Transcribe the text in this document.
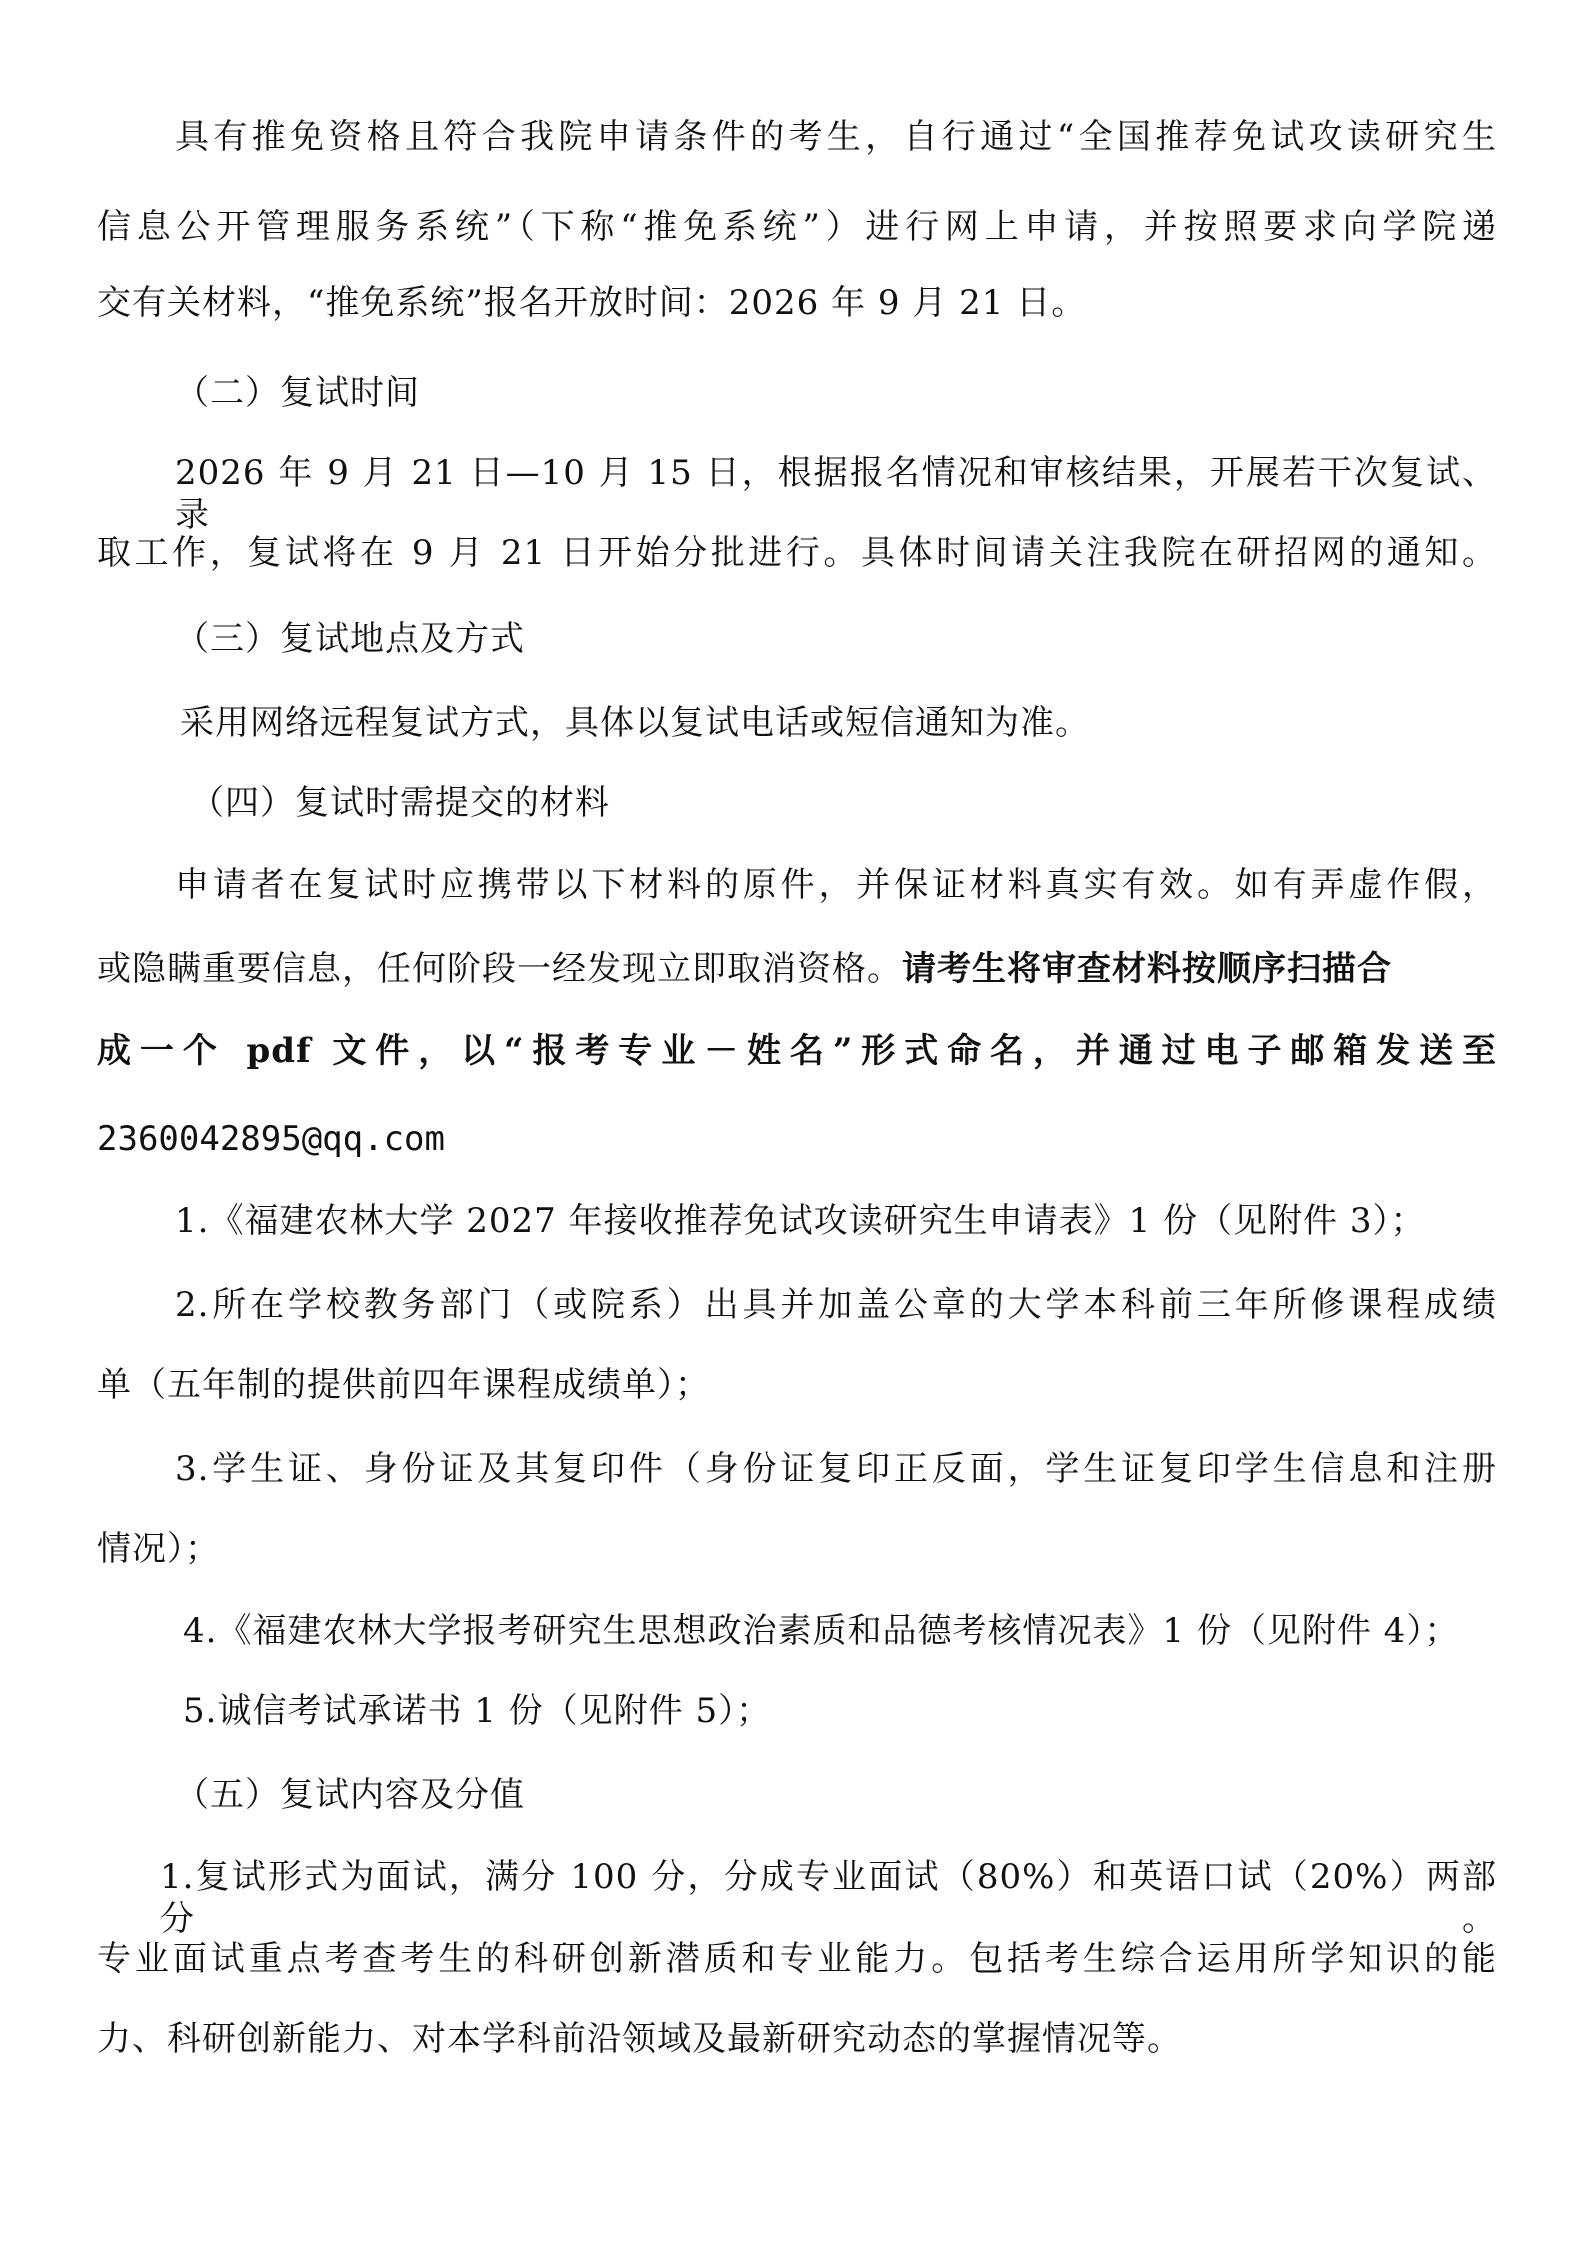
具有推免资格且符合我院申请条件的考生，自行通过“全国推荐免试攻读研究生
信息公开管理服务系统”（下称“推免系统”）进行网上申请，并按照要求向学院递
交有关材料，“推免系统”报名开放时间：2026 年 9 月 21 日。
（二）复试时间
2026 年 9 月 21 日—10 月 15 日，根据报名情况和审核结果，开展若干次复试、录
取工作，复试将在 9 月 21 日开始分批进行。具体时间请关注我院在研招网的通知。
（三）复试地点及方式
采用网络远程复试方式，具体以复试电话或短信通知为准。
（四）复试时需提交的材料
申请者在复试时应携带以下材料的原件，并保证材料真实有效。如有弄虚作假，
或隐瞒重要信息，任何阶段一经发现立即取消资格。请考生将审查材料按顺序扫描合
成一个 pdf 文件，以“报考专业－姓名”形式命名，并通过电子邮箱发送至
2360042895@qq.com
1.《福建农林大学 2027 年接收推荐免试攻读研究生申请表》1 份（见附件 3）；
2.所在学校教务部门（或院系）出具并加盖公章的大学本科前三年所修课程成绩
单（五年制的提供前四年课程成绩单）；
3.学生证、身份证及其复印件（身份证复印正反面，学生证复印学生信息和注册
情况）；
4.《福建农林大学报考研究生思想政治素质和品德考核情况表》1 份（见附件 4）；
5.诚信考试承诺书 1 份（见附件 5）；
（五）复试内容及分值
1.复试形式为面试，满分 100 分，分成专业面试（80%）和英语口试（20%）两部分。
专业面试重点考查考生的科研创新潜质和专业能力。包括考生综合运用所学知识的能
力、科研创新能力、对本学科前沿领域及最新研究动态的掌握情况等。
